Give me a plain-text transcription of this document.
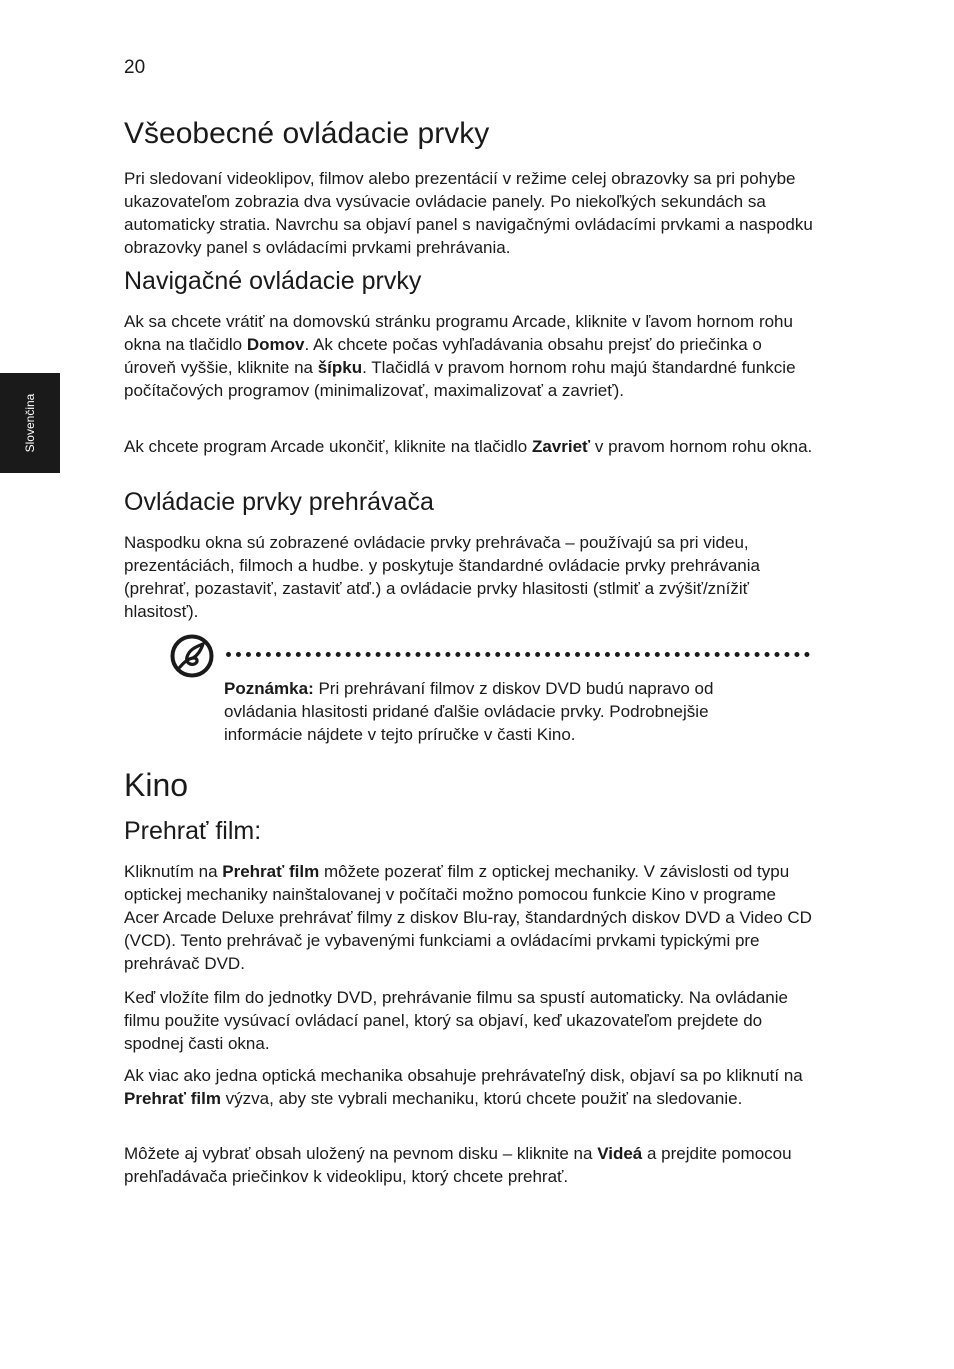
20
Slovenčina
Všeobecné ovládacie prvky

Pri sledovaní videoklipov, filmov alebo prezentácií v režime celej obrazovky sa pri pohybe ukazovateľom zobrazia dva vysúvacie ovládacie panely. Po niekoľkých sekundách sa automaticky stratia. Navrchu sa objaví panel s navigačnými ovládacími prvkami a naspodku obrazovky panel s ovládacími prvkami prehrávania.

Navigačné ovládacie prvky

Ak sa chcete vrátiť na domovskú stránku programu Arcade, kliknite v ľavom hornom rohu okna na tlačidlo Domov. Ak chcete počas vyhľadávania obsahu prejsť do priečinka o úroveň vyššie, kliknite na šípku. Tlačidlá v pravom hornom rohu majú štandardné funkcie počítačových programov (minimalizovať, maximalizovať a zavrieť).

Ak chcete program Arcade ukončiť, kliknite na tlačidlo Zavrieť v pravom hornom rohu okna.

Ovládacie prvky prehrávača

Naspodku okna sú zobrazené ovládacie prvky prehrávača – používajú sa pri videu, prezentáciách, filmoch a hudbe. y poskytuje štandardné ovládacie prvky prehrávania (prehrať, pozastaviť, zastaviť atď.) a ovládacie prvky hlasitosti (stlmiť a zvýšiť/znížiť hlasitosť).

Poznámka: Pri prehrávaní filmov z diskov DVD budú napravo od ovládania hlasitosti pridané ďalšie ovládacie prvky. Podrobnejšie informácie nájdete v tejto príručke v časti Kino.

Kino
Prehrať film:

Kliknutím na Prehrať film môžete pozerať film z optickej mechaniky. V závislosti od typu optickej mechaniky nainštalovanej v počítači možno pomocou funkcie Kino v programe Acer Arcade Deluxe prehrávať filmy z diskov Blu-ray, štandardných diskov DVD a Video CD (VCD). Tento prehrávač je vybavenými funkciami a ovládacími prvkami typickými pre prehrávač DVD.

Keď vložíte film do jednotky DVD, prehrávanie filmu sa spustí automaticky. Na ovládanie filmu použite vysúvací ovládací panel, ktorý sa objaví, keď ukazovateľom prejdete do spodnej časti okna.

Ak viac ako jedna optická mechanika obsahuje prehrávateľný disk, objaví sa po kliknutí na Prehrať film výzva, aby ste vybrali mechaniku, ktorú chcete použiť na sledovanie.

Môžete aj vybrať obsah uložený na pevnom disku – kliknite na Videá a prejdite pomocou prehľadávača priečinkov k videoklipu, ktorý chcete prehrať.
